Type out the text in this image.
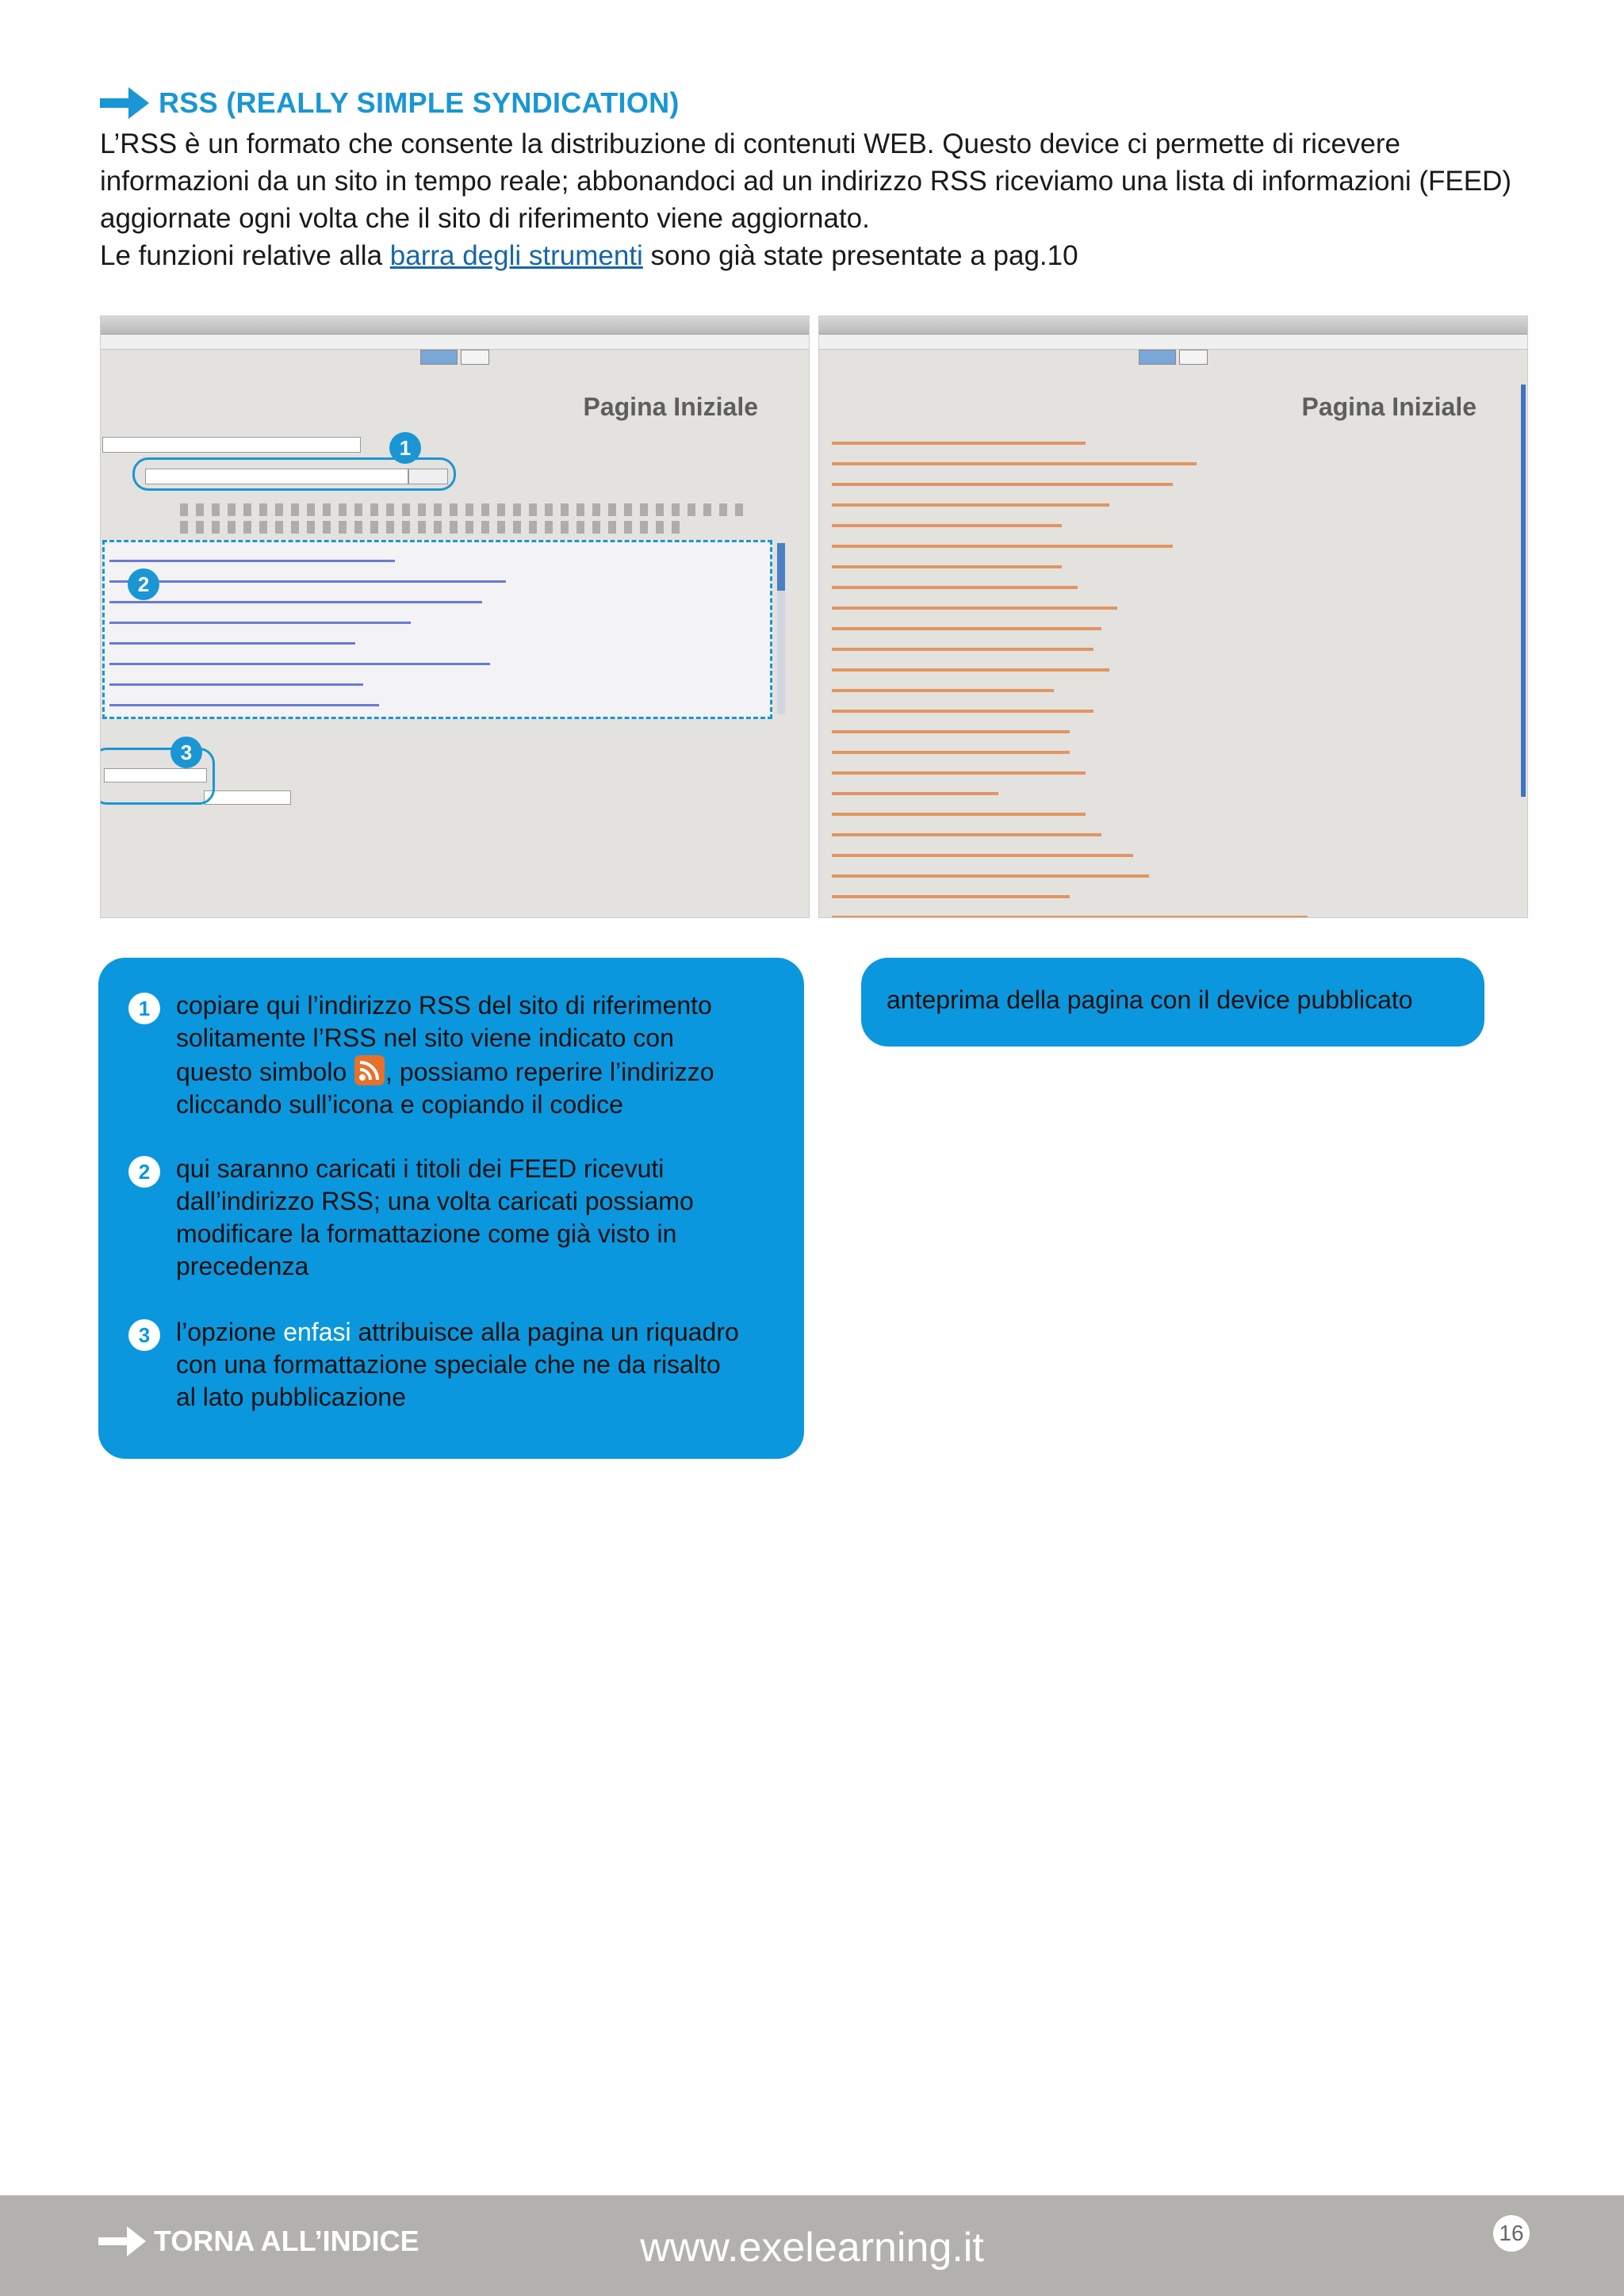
RSS (REALLY SIMPLE SYNDICATION)

L’RSS è un formato che consente la distribuzione di contenuti WEB. Questo device ci permette di ricevere informazioni da un sito in tempo reale; abbonandoci ad un indirizzo RSS riceviamo una lista di informazioni (FEED) aggiornate ogni volta che il sito di riferimento viene aggiornato.

Le funzioni relative alla barra degli strumenti sono già state presentate a pag.10

Pagina Iniziale
1
2
3

Pagina Iniziale
1	copiare qui l’indirizzo RSS del sito di riferimento solitamente l’RSS nel sito viene indicato con questo simbolo , possiamo reperire l’indirizzo cliccando sull’icona e copiando il codice
2	qui saranno caricati i titoli dei FEED ricevuti dall’indirizzo RSS; una volta caricati possiamo modificare la formattazione come già visto in precedenza
3	l’opzione enfasi attribuisce alla pagina un riquadro con una formattazione speciale che ne da risalto al lato pubblicazione
anteprima della pagina con il device pubblicato
TORNA ALL’INDICE	www.exelearning.it	16
